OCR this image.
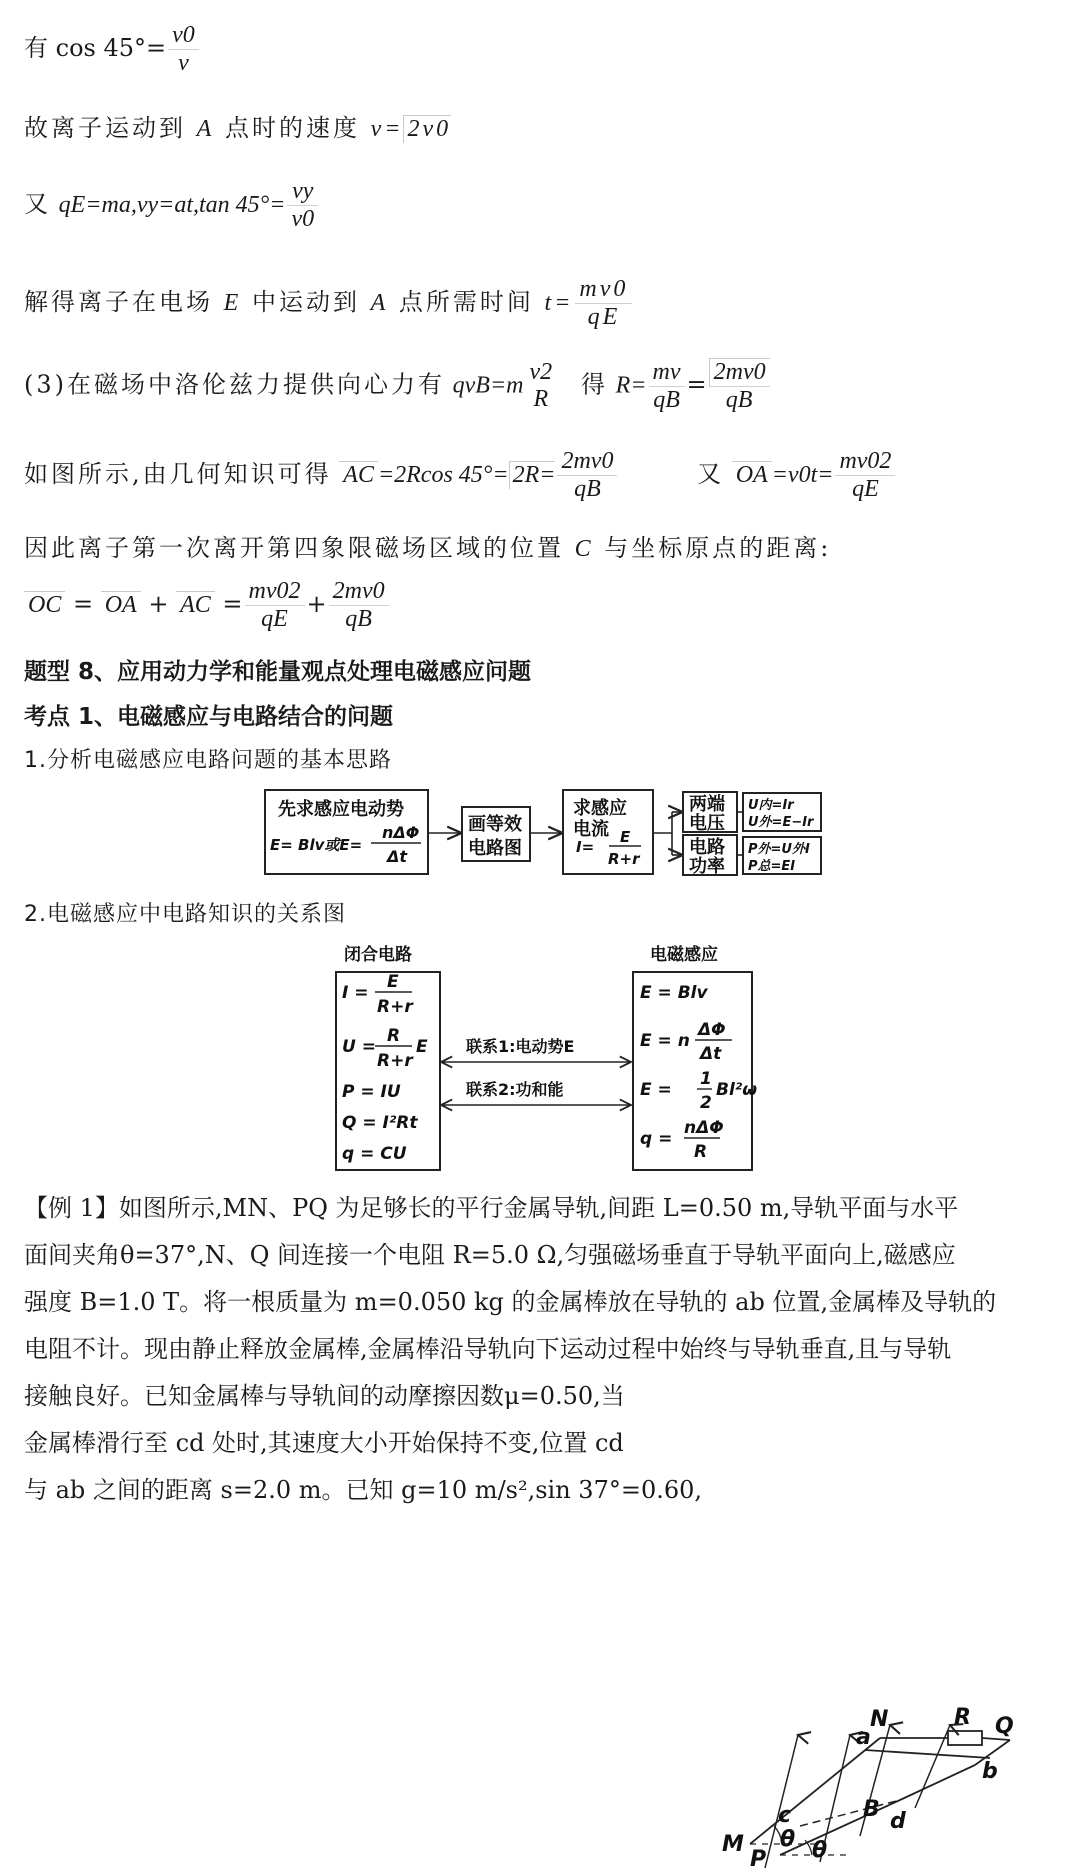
有 $\cos 45^\circ= \frac{v0}{v}$
故离子运动到 A 点时的速度 v= 2v0
又 qE=ma,vy=at,tan $45^\circ= \frac{vy}{v0}$
解得离子在电场 E 中运动到 A 点所需时间 $t= \frac{mv0}{qE}$
(3)在磁场中洛伦兹力提供向心力有 qvB=m
v2
R
得 $R= \frac{mv}{qB} = \frac{2mv0}{qB}$
如图所示,由几何知识可得 AC =2Rcos $45^\circ= 2R= \frac{2mv0}{qB}$	又 OA $=v0t= \frac{mv02}{qE}$
因此离子第一次离开第四象限磁场区域的位置 C 与坐标原点的距离:
OC = OA + AC = $\frac{mv02}{qE} + \frac{2mv0}{qB}$
题型 8、应用动力学和能量观点处理电磁感应问题
考点 1、电磁感应与电路结合的问题
1.分析电磁感应电路问题的基本思路
先求感应电动势
E= Blv或E=
nΔΦ
Δt
画等效
电路图
求感应
电流
I=
E
R+r
两端
电压
电路
功率
U内=Ir
U外=E−Ir
P外=U外I
P总=EI
2.电磁感应中电路知识的关系图
闭合电路	电磁感应
联系1:电动势E
联系2:功和能
I =
E
R+r
U =
R
R+r
E
P = IU
Q = I²Rt
q = CU
E = Blv
E = n
ΔΦ
Δt
E =
1
2
Bl²ω
q =
nΔΦ
R
【例 1】如图所示,MN、PQ 为足够长的平行金属导轨,间距 L=0.50 m,导轨平面与水平
面间夹角θ=37°,N、Q 间连接一个电阻 R=5.0 Ω,匀强磁场垂直于导轨平面向上,磁感应
强度 B=1.0 T。将一根质量为 m=0.050 kg 的金属棒放在导轨的 ab 位置,金属棒及导轨的
电阻不计。现由静止释放金属棒,金属棒沿导轨向下运动过程中始终与导轨垂直,且与导轨
接触良好。已知金属棒与导轨间的动摩擦因数μ=0.50,当
金属棒滑行至 cd 处时,其速度大小开始保持不变,位置 cd
与 ab 之间的距离 s=2.0 m。已知 g=10 m/s²,sin 37°=0.60,
N	R Q
a
b
c	B d
M
P
θ θ
